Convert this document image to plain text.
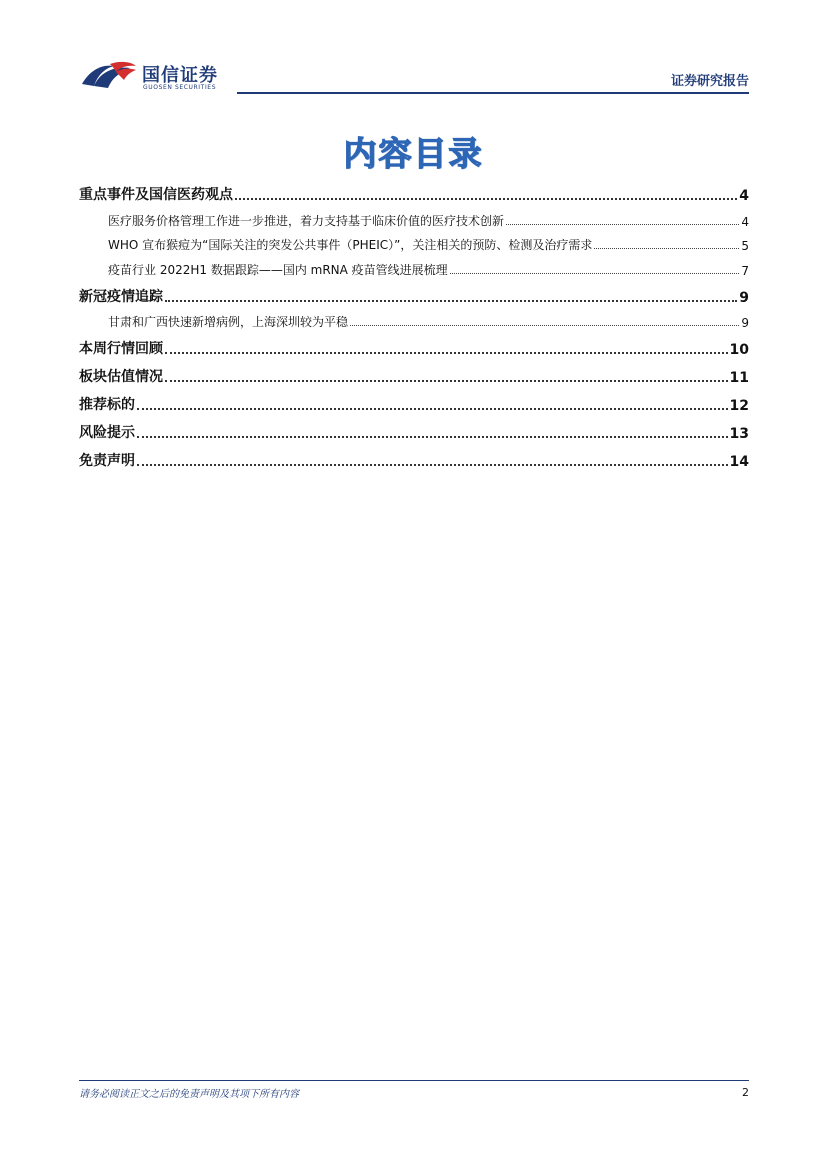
国信证券
GUOSEN SECURITIES	证券研究报告
内容目录
重点事件及国信医药观点	4
医疗服务价格管理工作进一步推进，着力支持基于临床价值的医疗技术创新	4
WHO 宣布猴痘为“国际关注的突发公共事件（PHEIC）”，关注相关的预防、检测及治疗需求	5
疫苗行业 2022H1 数据跟踪——国内 mRNA 疫苗管线进展梳理	7
新冠疫情追踪	9
甘肃和广西快速新增病例，上海深圳较为平稳	9
本周行情回顾	10
板块估值情况	11
推荐标的	12
风险提示	13
免责声明	14
请务必阅读正文之后的免责声明及其项下所有内容	2
